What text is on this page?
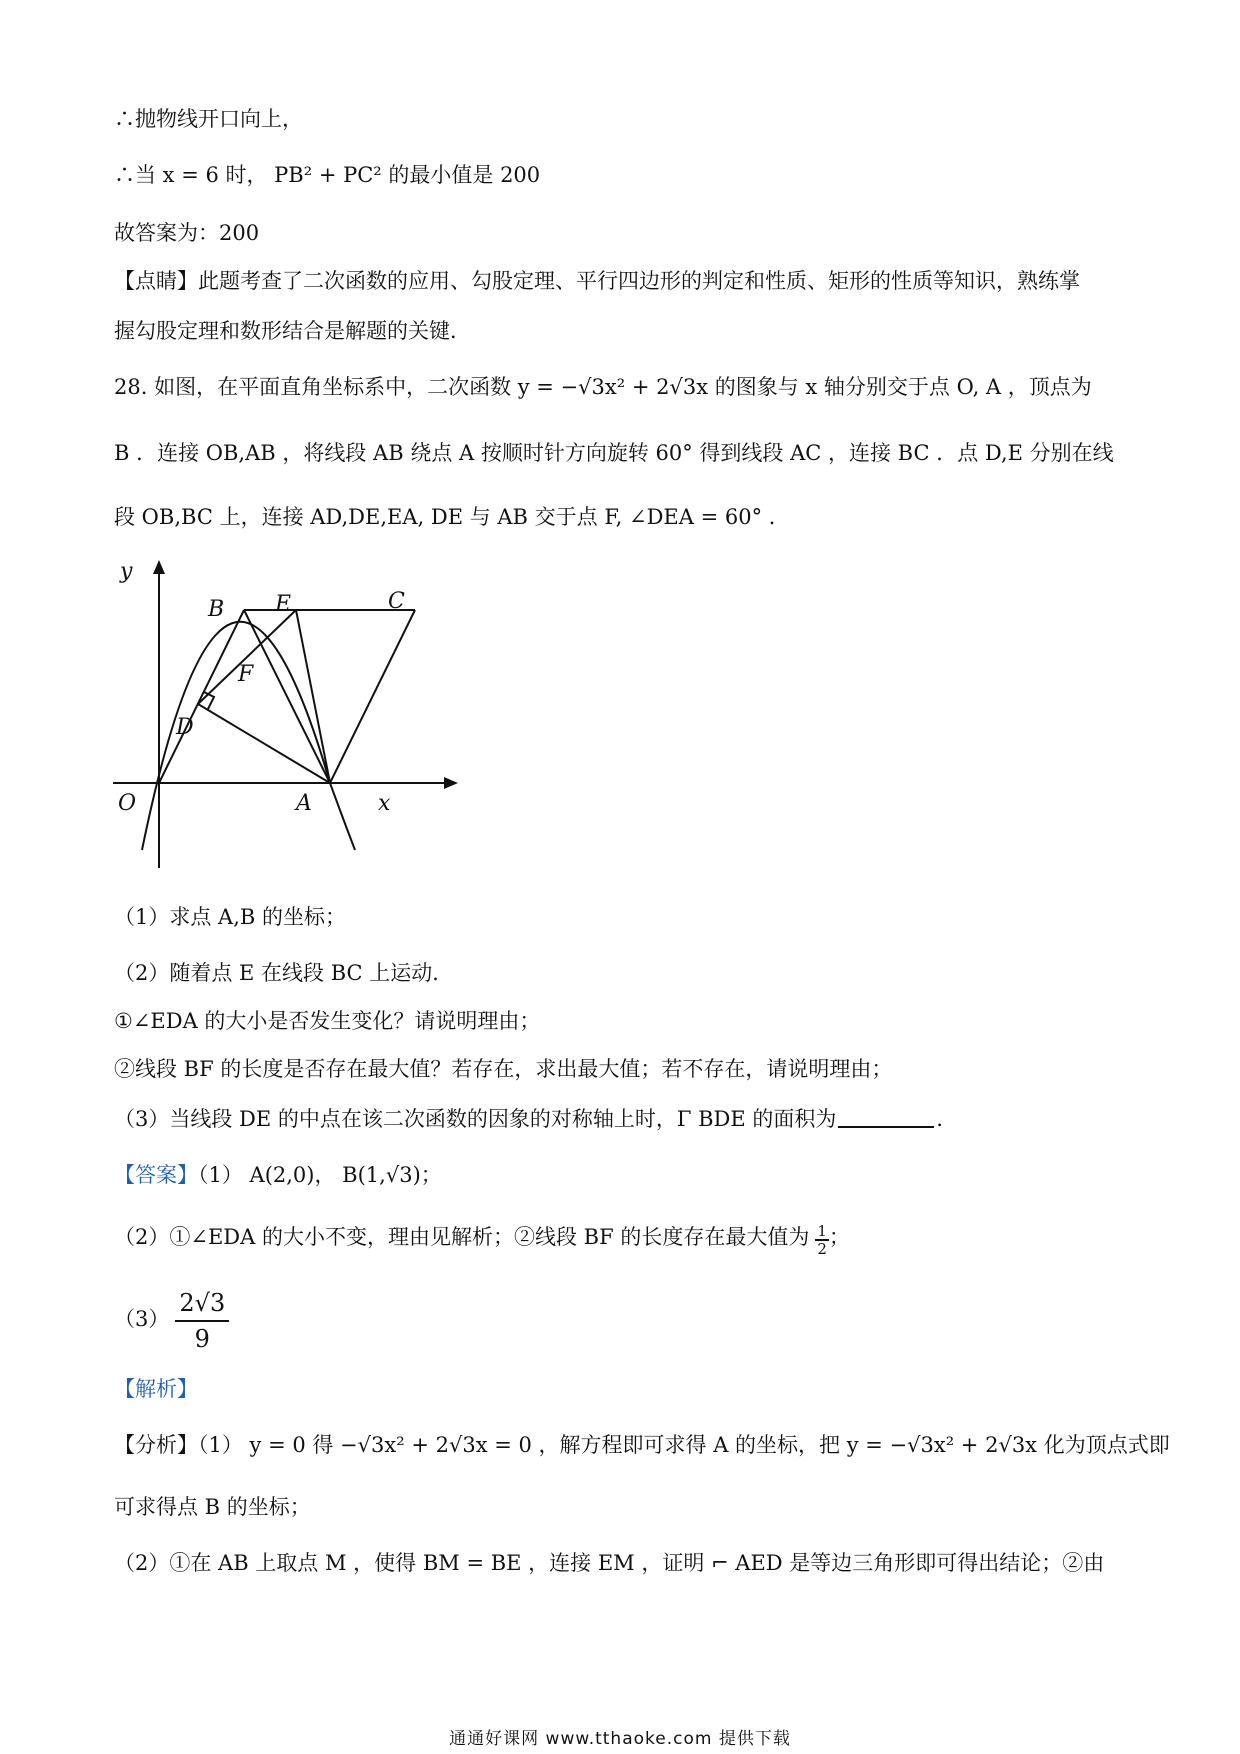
∴抛物线开口向上，
∴当 x = 6 时， PB² + PC² 的最小值是 200
故答案为：200
【点睛】此题考查了二次函数的应用、勾股定理、平行四边形的判定和性质、矩形的性质等知识，熟练掌
握勾股定理和数形结合是解题的关键．
28. 如图，在平面直角坐标系中，二次函数 y = −√3x² + 2√3x 的图象与 x 轴分别交于点 O, A ，顶点为
B ．连接 OB,AB ，将线段 AB 绕点 A 按顺时针方向旋转 60° 得到线段 AC ，连接 BC ．点 D,E 分别在线
段 OB,BC 上，连接 AD,DE,EA, DE 与 AB 交于点 F, ∠DEA = 60° ．
y
x
O	A
B	C
D
E
F
（1）求点 A,B 的坐标；
（2）随着点 E 在线段 BC 上运动．
①∠EDA 的大小是否发生变化？请说明理由；
②线段 BF 的长度是否存在最大值？若存在，求出最大值；若不存在，请说明理由；
（3）当线段 DE 的中点在该二次函数的因象的对称轴上时，Γ BDE 的面积为	．
【答案】（1） A(2,0)， B(1,√3)；
（2）①∠EDA 的大小不变，理由见解析；②线段 BF 的长度存在最大值为 $\frac{1}{2}$ ；
$(3) \frac{2√3}{9}$
【解析】
【分析】（1） y = 0 得 −√3x² + 2√3x = 0 ，解方程即可求得 A 的坐标，把 y = −√3x² + 2√3x 化为顶点式即
可求得点 B 的坐标；
（2）①在 AB 上取点 M ，使得 BM = BE ，连接 EM ，证明 ⌐ AED 是等边三角形即可得出结论；②由
通通好课网 www.tthaoke.com 提供下载
